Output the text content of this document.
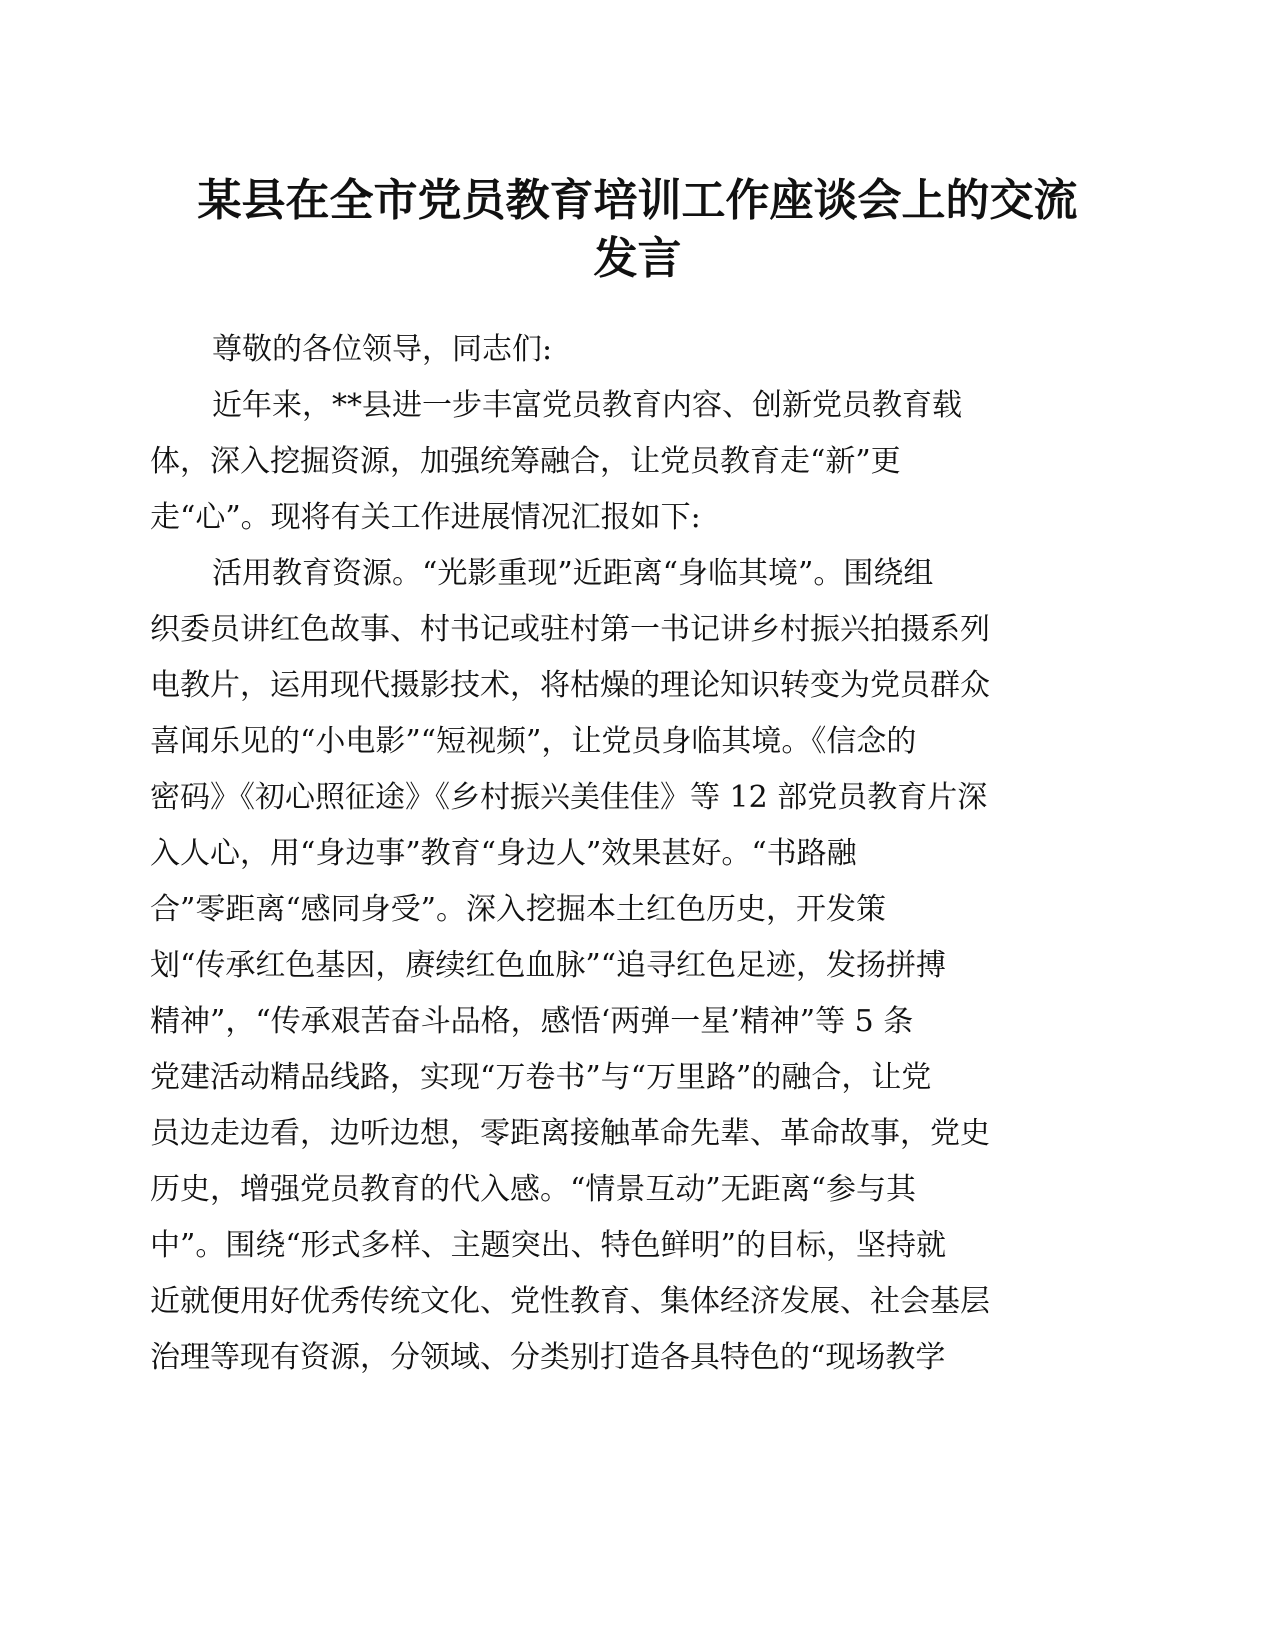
某县在全市党员教育培训工作座谈会上的交流
发言
尊敬的各位领导，同志们:
近年来，**县进一步丰富党员教育内容、创新党员教育载
体，深入挖掘资源，加强统筹融合，让党员教育走“新”更
走“心”。现将有关工作进展情况汇报如下:
活用教育资源。“光影重现”近距离“身临其境”。围绕组
织委员讲红色故事、村书记或驻村第一书记讲乡村振兴拍摄系列
电教片，运用现代摄影技术，将枯燥的理论知识转变为党员群众
喜闻乐见的“小电影”“短视频”，让党员身临其境。《信念的
密码》《初心照征途》《乡村振兴美佳佳》等 12 部党员教育片深
入人心，用“身边事”教育“身边人”效果甚好。“书路融
合”零距离“感同身受”。深入挖掘本土红色历史，开发策
划“传承红色基因，赓续红色血脉”“追寻红色足迹，发扬拼搏
精神”，“传承艰苦奋斗品格，感悟‘两弹一星’精神”等 5 条
党建活动精品线路，实现“万卷书”与“万里路”的融合，让党
员边走边看，边听边想，零距离接触革命先辈、革命故事，党史
历史，增强党员教育的代入感。“情景互动”无距离“参与其
中”。围绕“形式多样、主题突出、特色鲜明”的目标，坚持就
近就便用好优秀传统文化、党性教育、集体经济发展、社会基层
治理等现有资源，分领域、分类别打造各具特色的“现场教学
